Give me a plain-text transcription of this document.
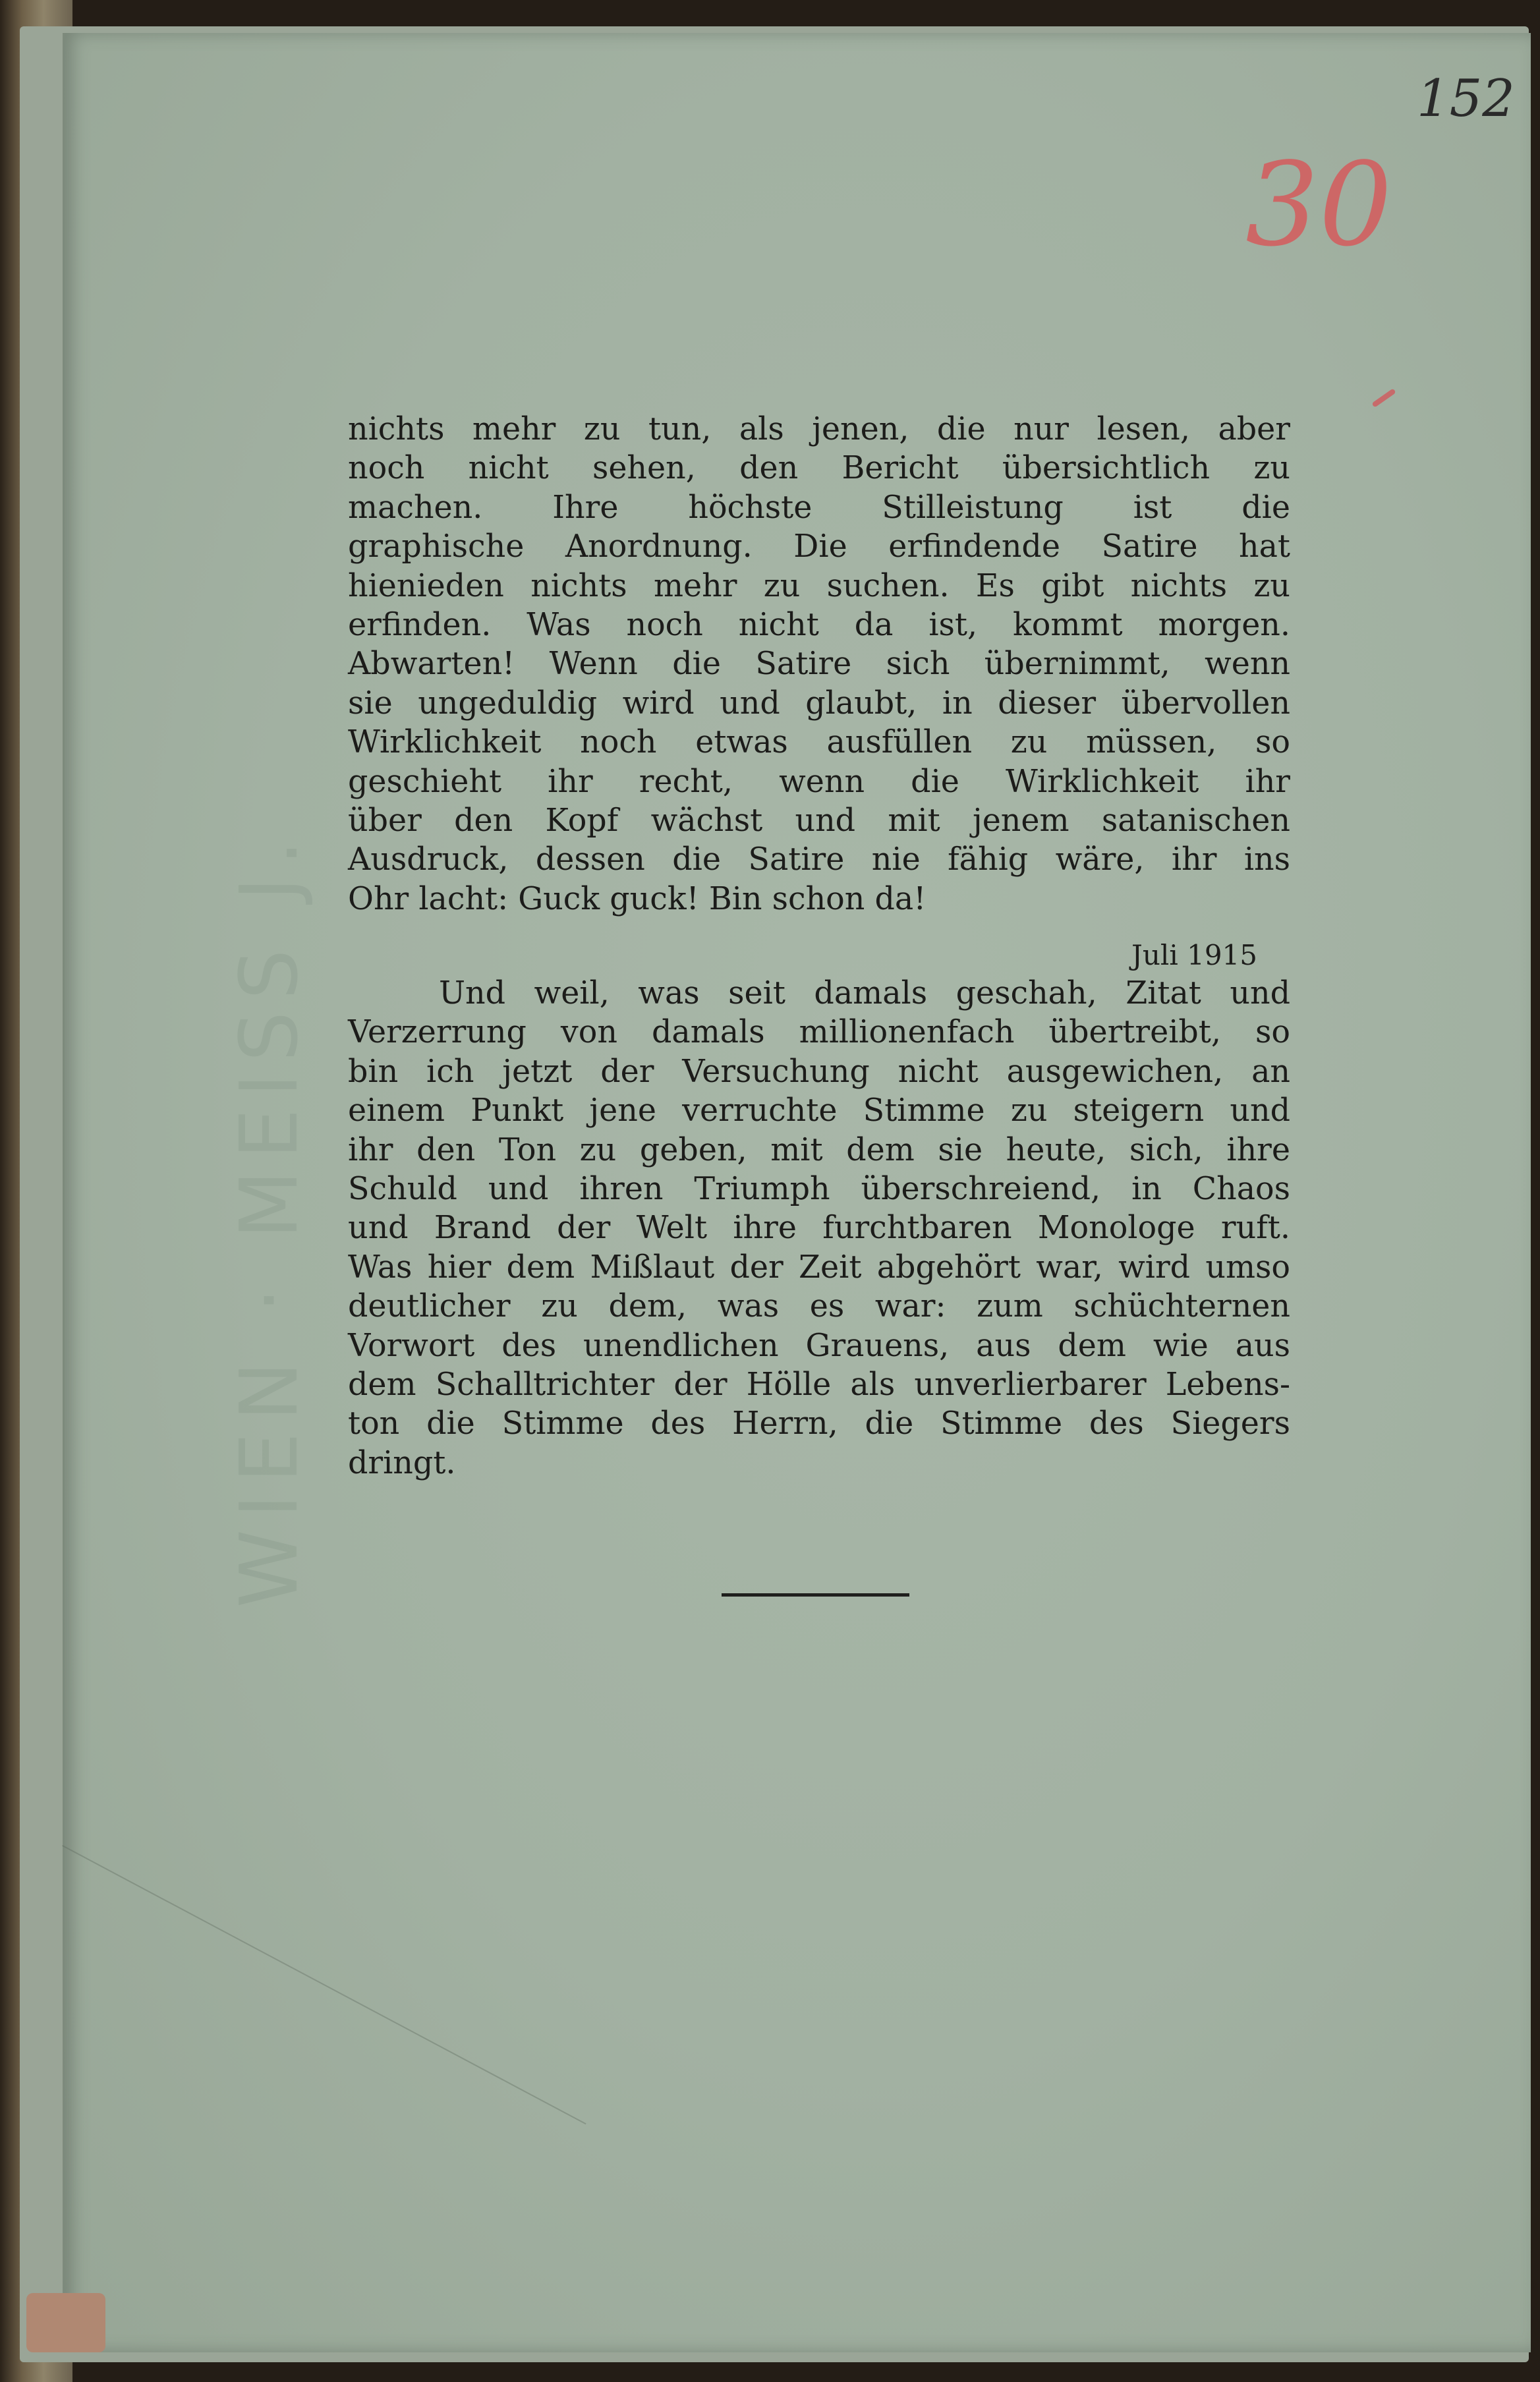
WIEN · MEISS J.
152
30
nichts mehr zu tun, als jenen, die nur lesen, aber
noch nicht sehen, den Bericht übersichtlich zu
machen. Ihre höchste Stilleistung ist die
graphische Anordnung. Die erfindende Satire hat
hienieden nichts mehr zu suchen. Es gibt nichts zu
erfinden. Was noch nicht da ist, kommt morgen.
Abwarten! Wenn die Satire sich übernimmt, wenn
sie ungeduldig wird und glaubt, in dieser übervollen
Wirklichkeit noch etwas ausfüllen zu müssen, so
geschieht ihr recht, wenn die Wirklichkeit ihr
über den Kopf wächst und mit jenem satanischen
Ausdruck, dessen die Satire nie fähig wäre, ihr ins
Ohr lacht: Guck guck! Bin schon da!
Juli 1915
Und weil, was seit damals geschah, Zitat und
Verzerrung von damals millionenfach übertreibt, so
bin ich jetzt der Versuchung nicht ausgewichen, an
einem Punkt jene verruchte Stimme zu steigern und
ihr den Ton zu geben, mit dem sie heute, sich, ihre
Schuld und ihren Triumph überschreiend, in Chaos
und Brand der Welt ihre furchtbaren Monologe ruft.
Was hier dem Mißlaut der Zeit abgehört war, wird umso
deutlicher zu dem, was es war: zum schüchternen
Vorwort des unendlichen Grauens, aus dem wie aus
dem Schalltrichter der Hölle als unverlierbarer Lebens-
ton die Stimme des Herrn, die Stimme des Siegers
dringt.
